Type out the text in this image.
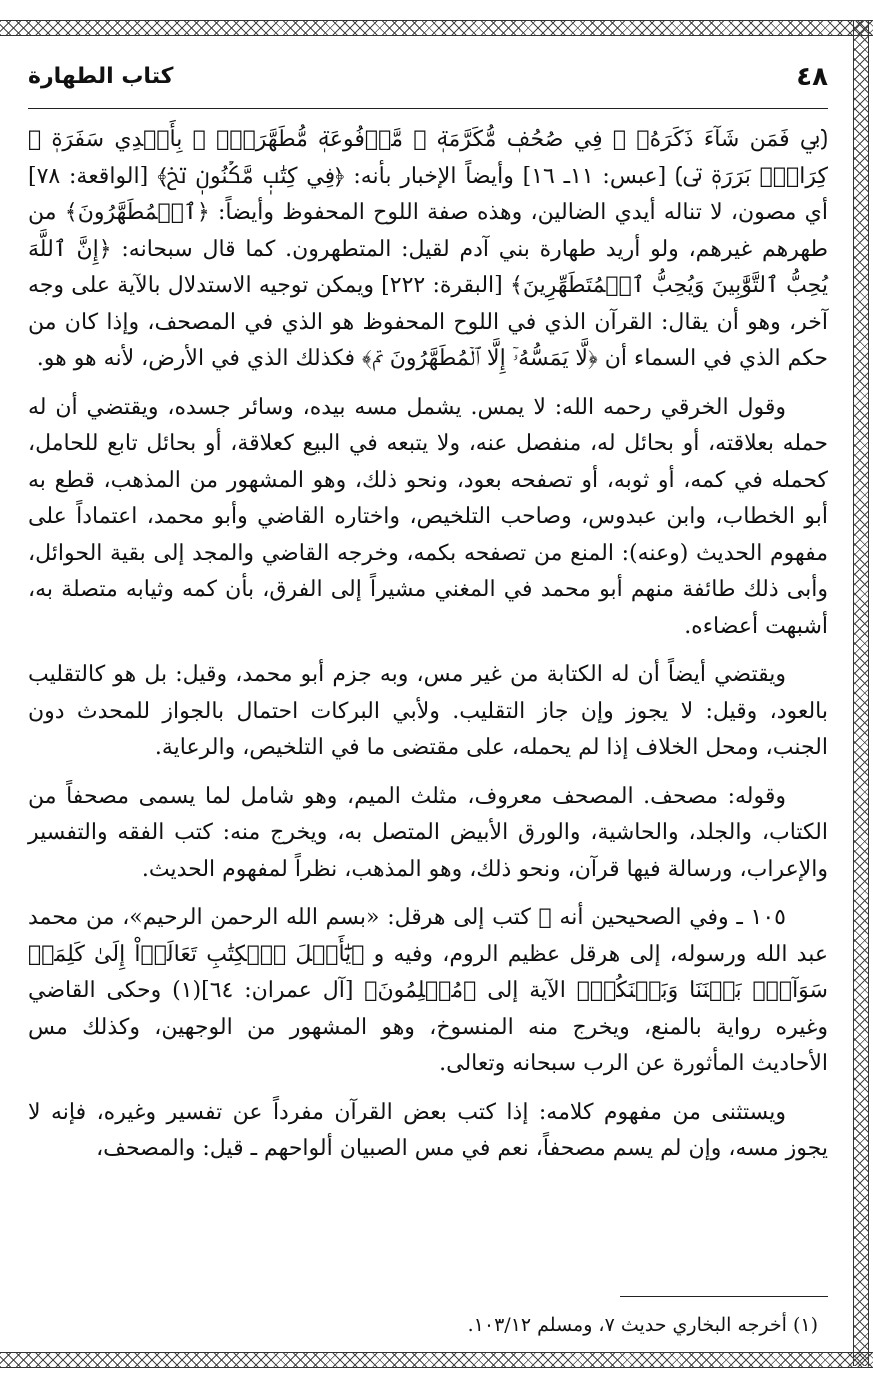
٤٨
كتاب الطهارة

﴿ﰊ فَمَن شَآءَ ذَكَرَهُۥ ﰋ فِي صُحُفٖ مُّكَرَّمَةٖ ﰌ مَّرۡفُوعَةٖ مُّطَهَّرَةِۭ ﰍ بِأَيۡدِي سَفَرَةٖ ﰎ كِرَامِۭ بَرَرَةٖ ﰏ﴾ [عبس: ١١ـ ١٦] وأيضاً الإخبار بأنه: ﴿فِي كِتَٰبٖ مَّكۡنُونٖ ﰍ﴾ [الواقعة: ٧٨] أي مصون، لا تناله أيدي الضالين، وهذه صفة اللوح المحفوظ وأيضاً: ﴿ٱلۡمُطَهَّرُونَ﴾ من طهرهم غيرهم، ولو أريد طهارة بني آدم لقيل: المتطهرون. كما قال سبحانه: ﴿إِنَّ ٱللَّهَ يُحِبُّ ٱلتَّوَّٰبِينَ وَيُحِبُّ ٱلۡمُتَطَهِّرِينَ﴾ [البقرة: ٢٢٢] ويمكن توجيه الاستدلال بالآية على وجه آخر، وهو أن يقال: القرآن الذي في اللوح المحفوظ هو الذي في المصحف، وإذا كان من حكم الذي في السماء أن ﴿لَّا يَمَسُّهُۥٓ إِلَّا ٱلۡمُطَهَّرُونَ ﰎ﴾ فكذلك الذي في الأرض، لأنه هو هو.

وقول الخرقي رحمه الله: لا يمس. يشمل مسه بيده، وسائر جسده، ويقتضي أن له حمله بعلاقته، أو بحائل له، منفصل عنه، ولا يتبعه في البيع كعلاقة، أو بحائل تابع للحامل، كحمله في كمه، أو ثوبه، أو تصفحه بعود، ونحو ذلك، وهو المشهور من المذهب، قطع به أبو الخطاب، وابن عبدوس، وصاحب التلخيص، واختاره القاضي وأبو محمد، اعتماداً على مفهوم الحديث (وعنه): المنع من تصفحه بكمه، وخرجه القاضي والمجد إلى بقية الحوائل، وأبى ذلك طائفة منهم أبو محمد في المغني مشيراً إلى الفرق، بأن كمه وثيابه متصلة به، أشبهت أعضاءه.

ويقتضي أيضاً أن له الكتابة من غير مس، وبه جزم أبو محمد، وقيل: بل هو كالتقليب بالعود، وقيل: لا يجوز وإن جاز التقليب. ولأبي البركات احتمال بالجواز للمحدث دون الجنب، ومحل الخلاف إذا لم يحمله، على مقتضى ما في التلخيص، والرعاية.

وقوله: مصحف. المصحف معروف، مثلث الميم، وهو شامل لما يسمى مصحفاً من الكتاب، والجلد، والحاشية، والورق الأبيض المتصل به، ويخرج منه: كتب الفقه والتفسير والإعراب، ورسالة فيها قرآن، ونحو ذلك، وهو المذهب، نظراً لمفهوم الحديث.

١٠٥ ـ وفي الصحيحين أنه ﷺ كتب إلى هرقل: «بسم الله الرحمن الرحيم»، من محمد عبد الله ورسوله، إلى هرقل عظيم الروم، وفيه و ﴿يَٰٓأَهۡلَ ٱلۡكِتَٰبِ تَعَالَوۡاْ إِلَىٰ كَلِمَةٖ سَوَآءِۭ بَيۡنَنَا وَبَيۡنَكُمۡ﴾ الآية إلى ﴿مُسۡلِمُونَ﴾ [آل عمران: ٦٤](١) وحكى القاضي وغيره رواية بالمنع، ويخرج منه المنسوخ، وهو المشهور من الوجهين، وكذلك مس الأحاديث المأثورة عن الرب سبحانه وتعالى.

ويستثنى من مفهوم كلامه: إذا كتب بعض القرآن مفرداً عن تفسير وغيره، فإنه لا يجوز مسه، وإن لم يسم مصحفاً، نعم في مس الصبيان ألواحهم ـ قيل: والمصحف،

(١) أخرجه البخاري حديث ٧، ومسلم ١٠٣/١٢.
